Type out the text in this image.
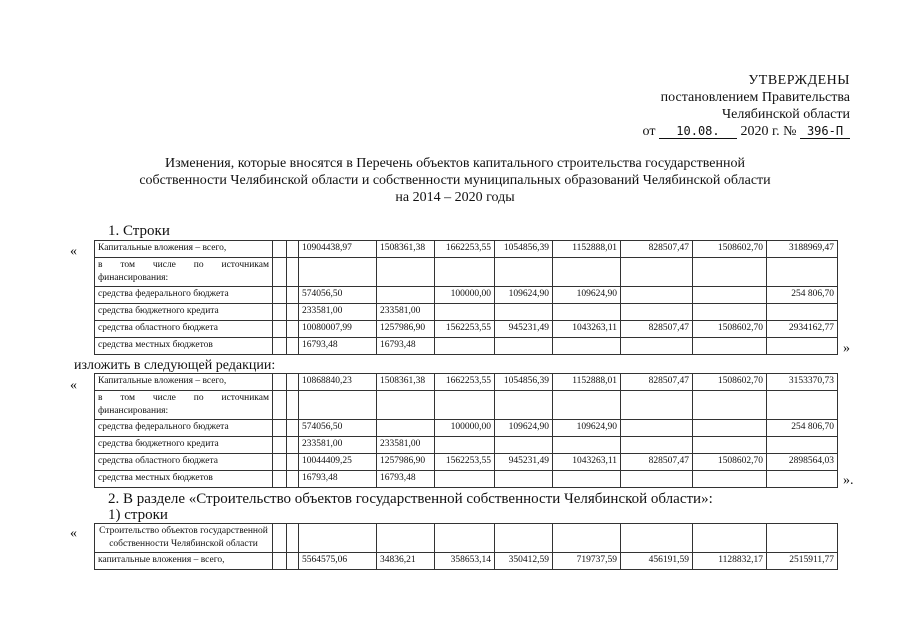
УТВЕРЖДЕНЫ
постановлением Правительства
Челябинской области
от 10.08. 2020 г. № 396-П
Изменения, которые вносятся в Перечень объектов капитального строительства государственной
собственности Челябинской области и собственности муниципальных образований Челябинской области
на 2014 – 2020 годы
1. Строки
«
»
Капитальные вложения – всего,			10904438,97	1508361,38	1662253,55	1054856,39	1152888,01	828507,47	1508602,70	3188969,47
в том числе по источникам финансирования:										
средства федерального бюджета			574056,50		100000,00	109624,90	109624,90			254 806,70
средства бюджетного кредита			233581,00	233581,00						
средства областного бюджета			10080007,99	1257986,90	1562253,55	945231,49	1043263,11	828507,47	1508602,70	2934162,77
средства местных бюджетов			16793,48	16793,48						
изложить в следующей редакции:
«
».
Капитальные вложения – всего,			10868840,23	1508361,38	1662253,55	1054856,39	1152888,01	828507,47	1508602,70	3153370,73
в том числе по источникам финансирования:										
средства федерального бюджета			574056,50		100000,00	109624,90	109624,90			254 806,70
средства бюджетного кредита			233581,00	233581,00						
средства областного бюджета			10044409,25	1257986,90	1562253,55	945231,49	1043263,11	828507,47	1508602,70	2898564,03
средства местных бюджетов			16793,48	16793,48						
2. В разделе «Строительство объектов государственной собственности Челябинской области»:
1) строки
« Строительство объектов государственной собственности Челябинской области										
капитальные вложения – всего,			5564575,06	34836,21	358653,14	350412,59	719737,59	456191,59	1128832,17	2515911,77
